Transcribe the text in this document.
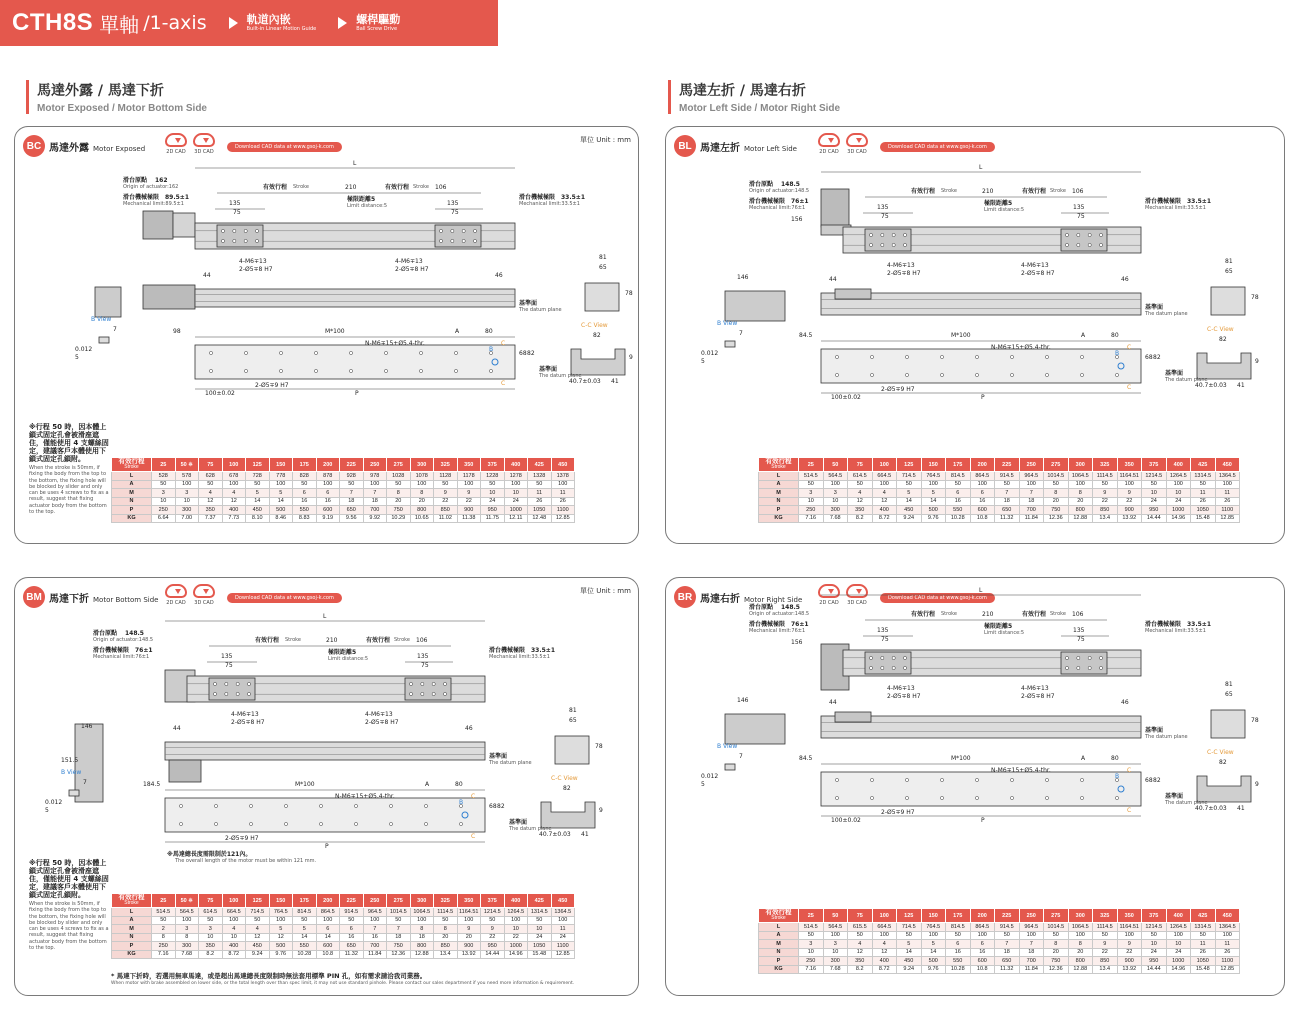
CTH8S 單軸 /1-axis	軌道內嵌
Built-in Linear Motion Guide
螺桿驅動
Ball Screw Drive
馬達外露 / 馬達下折
Motor Exposed / Motor Bottom Side
馬達左折 / 馬達右折
Motor Left Side / Motor Right Side
BC 馬達外露 Motor Exposed	2D CAD 3D CAD
Download CAD data at www.gsoj-k.com
單位 Unit : mm
L
滑台原點 162
Origin of actuator:162
滑台機械極限 89.5±1
Mechanical limit:89.5±1
有效行程 Stroke	210	有效行程 Stroke 106
極限距離5
Limit distance:5
135
75
135
75
滑台機械極限 33.5±1
Mechanical limit:33.5±1
4-M6∓13
2-Ø5∓8 H7
4-M6∓13
2-Ø5∓8 H7
44	46
基準面
The datum plane
81
65
78
98	M*100	A	80
N-M6∓15+Ø5.4-thr.
2-Ø5∓9 H7
P
100±0.02
68 82
B
C
C
基準面
The datum plane
B View
7
5
0.012
C-C View
82
40.7±0.03 41
9
※行程 50 時，因本體上鎖式固定孔會被滑座遮住，僅能使用 4 支螺絲固定，建議客戶本體使用下鎖式固定孔鎖附。
When the stroke is 50mm, if fixing the body from the top to the bottom, the fixing hole will be blocked by slider and only can be uses 4 screws to fix as a result, suggest that fixing actuator body from the bottom to the top.
有效行程
Stroke	25	50 ※	75	100	125	150	175	200	225	250	275	300	325	350	375	400	425	450
L	528	578	628	678	728	778	828	878	928	978	1028	1078	1128	1178	1228	1278	1328	1378
A	50	100	50	100	50	100	50	100	50	100	50	100	50	100	50	100	50	100
M	3	3	4	4	5	5	6	6	7	7	8	8	9	9	10	10	11	11
N	10	10	12	12	14	14	16	16	18	18	20	20	22	22	24	24	26	26
P	250	300	350	400	450	500	550	600	650	700	750	800	850	900	950	1000	1050	1100
KG	6.64	7.00	7.37	7.73	8.10	8.46	8.83	9.19	9.56	9.92	10.29	10.65	11.02	11.38	11.75	12.11	12.48	12.85
BL 馬達左折 Motor Left Side	2D CAD 3D CAD
Download CAD data at www.gsoj-k.com
L
滑台原點 148.5
Origin of actuator:148.5
滑台機械極限 76±1
Mechanical limit:76±1
有效行程 Stroke	210	有效行程 Stroke 106
極限距離5
Limit distance:5
135
75
135
75
滑台機械極限 33.5±1
Mechanical limit:33.5±1
4-M6∓13
2-Ø5∓8 H7
4-M6∓13
2-Ø5∓8 H7
44	46
基準面
The datum plane
81
65
78
146
156
84.5	M*100	A	80
N-M6∓15+Ø5.4-thr.
2-Ø5∓9 H7
P
100±0.02
68 82
B
C
C
基準面
The datum plane
B View
7
5
0.012
C-C View
82
40.7±0.03 41
9
有效行程
Stroke	25	50	75	100	125	150	175	200	225	250	275	300	325	350	375	400	425	450
L	514.5	564.5	614.5	664.5	714.5	764.5	814.5	864.5	914.5	964.5	1014.5	1064.5	1114.5	1164.51	1214.5	1264.5	1314.5	1364.5
A	50	100	50	100	50	100	50	100	50	100	50	100	50	100	50	100	50	100
M	3	3	4	4	5	5	6	6	7	7	8	8	9	9	10	10	11	11
N	10	10	12	12	14	14	16	16	18	18	20	20	22	22	24	24	26	26
P	250	300	350	400	450	500	550	600	650	700	750	800	850	900	950	1000	1050	1100
KG	7.16	7.68	8.2	8.72	9.24	9.76	10.28	10.8	11.32	11.84	12.36	12.88	13.4	13.92	14.44	14.96	15.48	12.85
BM 馬達下折 Motor Bottom Side 2D CAD 3D CAD
Download CAD data at www.gsoj-k.com
單位 Unit : mm
L
滑台原點 148.5
Origin of actuator:148.5
滑台機械極限 76±1
Mechanical limit:76±1
有效行程 Stroke	210	有效行程 Stroke 106
極限距離5
Limit distance:5
135
75
135
75
滑台機械極限 33.5±1
Mechanical limit:33.5±1
4-M6∓13
2-Ø5∓8 H7
4-M6∓13
2-Ø5∓8 H7
44	46
基準面
The datum plane
81
65
78
146
151.5
184.5	M*100	A	80
N-M6∓15+Ø5.4-thr.
2-Ø5∓9 H7
P
68 82
B
C
C
基準面
The datum plane
※馬達總長度需限制於121內。
The overall length of the motor must be within 121 mm.
B View
7
5
0.012
C-C View
82
40.7±0.03 41
9
※行程 50 時，因本體上鎖式固定孔會被滑座遮住，僅能使用 4 支螺絲固定，建議客戶本體使用下鎖式固定孔鎖附。
When the stroke is 50mm, if fixing the body from the top to the bottom, the fixing hole will be blocked by slider and only can be uses 4 screws to fix as a result, suggest that fixing actuator body from the bottom to the top.
有效行程
Stroke	25	50 ※	75	100	125	150	175	200	225	250	275	300	325	350	375	400	425	450
L	514.5	564.5	614.5	664.5	714.5	764.5	814.5	864.5	914.5	964.5	1014.5	1064.5	1114.5	1164.51	1214.5	1264.5	1314.5	1364.5
A	50	100	50	100	50	100	50	100	50	100	50	100	50	100	50	100	50	100
M	2	3	3	4	4	5	5	6	6	7	7	8	8	9	9	10	10	11
N	8	8	10	10	12	12	14	14	16	16	18	18	20	20	22	22	24	24
P	250	300	350	400	450	500	550	600	650	700	750	800	850	900	950	1000	1050	1100
KG	7.16	7.68	8.2	8.72	9.24	9.76	10.28	10.8	11.32	11.84	12.36	12.88	13.4	13.92	14.44	14.96	15.48	12.85
* 馬達下折時，若選用無車馬達，或是超出馬達總長度限制時無法套用標準 PIN 孔，如有需求請洽我司業務。
When motor with brake assembled on lower side, or the total length over than spec limit, it may not use standard pinhole. Please contact our sales department if you need more information & requirement.
BR 馬達右折 Motor Right Side	2D CAD 3D CAD
Download CAD data at www.gsoj-k.com
L
滑台原點 148.5
Origin of actuator:148.5
滑台機械極限 76±1
Mechanical limit:76±1
有效行程 Stroke	210	有效行程 Stroke 106
極限距離5
Limit distance:5
135
75
135
75
滑台機械極限 33.5±1
Mechanical limit:33.5±1
4-M6∓13
2-Ø5∓8 H7
4-M6∓13
2-Ø5∓8 H7
44	46
基準面
The datum plane
81
65
78
146
156
84.5	M*100	A	80
N-M6∓15+Ø5.4-thr.
2-Ø5∓9 H7
P
100±0.02
68 82
B
C
C
基準面
The datum plane
B View
7
5
0.012
C-C View
82
40.7±0.03 41
9
有效行程
Stroke	25	50	75	100	125	150	175	200	225	250	275	300	325	350	375	400	425	450
L	514.5	564.5	615.5	664.5	714.5	764.5	814.5	864.5	914.5	964.5	1014.5	1064.5	1114.5	1164.51	1214.5	1264.5	1314.5	1364.5
A	50	100	50	100	50	100	50	100	50	100	50	100	50	100	50	100	50	100
M	3	3	4	4	5	5	6	6	7	7	8	8	9	9	10	10	11	11
N	10	10	12	12	14	14	16	16	18	18	20	20	22	22	24	24	26	26
P	250	300	350	400	450	500	550	600	650	700	750	800	850	900	950	1000	1050	1100
KG	7.16	7.68	8.2	8.72	9.24	9.76	10.28	10.8	11.32	11.84	12.36	12.88	13.4	13.92	14.44	14.96	15.48	12.85
